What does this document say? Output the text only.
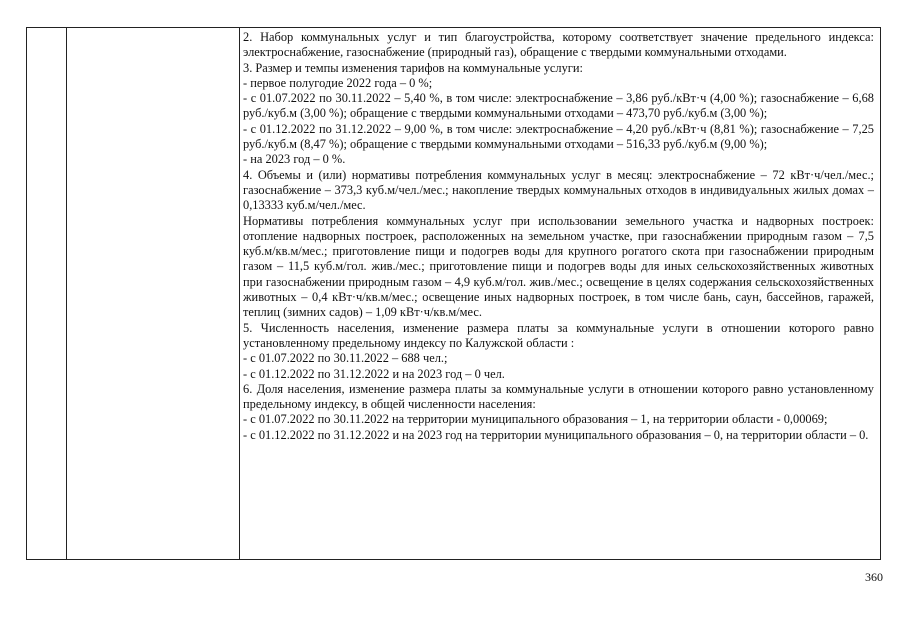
2. Набор коммунальных услуг и тип благоустройства, которому соответствует значение предельного индекса: электроснабжение, газоснабжение (природный газ), обращение с твердыми коммунальными отходами.

3. Размер и темпы изменения тарифов на коммунальные услуги:

- первое полугодие 2022 года – 0 %;

- с 01.07.2022 по 30.11.2022 – 5,40 %, в том числе: электроснабжение – 3,86 руб./кВт·ч (4,00 %); газоснабжение – 6,68 руб./куб.м (3,00 %); обращение с твердыми коммунальными отходами – 473,70 руб./куб.м (3,00 %);

- с 01.12.2022 по 31.12.2022 – 9,00 %, в том числе: электроснабжение – 4,20 руб./кВт·ч (8,81 %); газоснабжение – 7,25 руб./куб.м (8,47 %); обращение с твердыми коммунальными отходами – 516,33 руб./куб.м (9,00 %);

- на 2023 год – 0 %.

4. Объемы и (или) нормативы потребления коммунальных услуг в месяц: электроснабжение – 72 кВт·ч/чел./мес.; газоснабжение – 373,3 куб.м/чел./мес.; накопление твердых коммунальных отходов в индивидуальных жилых домах – 0,13333 куб.м/чел./мес.

Нормативы потребления коммунальных услуг при использовании земельного участка и надворных построек: отопление надворных построек, расположенных на земельном участке, при газоснабжении природным газом – 7,5 куб.м/кв.м/мес.; приготовление пищи и подогрев воды для крупного рогатого скота при газоснабжении природным газом – 11,5 куб.м/гол. жив./мес.; приготовление пищи и подогрев воды для иных сельскохозяйственных животных при газоснабжении природным газом – 4,9 куб.м/гол. жив./мес.; освещение в целях содержания сельскохозяйственных животных – 0,4 кВт·ч/кв.м/мес.; освещение иных надворных построек, в том числе бань, саун, бассейнов, гаражей, теплиц (зимних садов) – 1,09 кВт·ч/кв.м/мес.

5. Численность населения, изменение размера платы за коммунальные услуги в отношении которого равно установленному предельному индексу по Калужской области :

- с 01.07.2022 по 30.11.2022 – 688 чел.;

- с 01.12.2022 по 31.12.2022 и на 2023 год – 0 чел.

6. Доля населения, изменение размера платы за коммунальные услуги в отношении которого равно установленному предельному индексу, в общей численности населения:

- с 01.07.2022 по 30.11.2022 на территории муниципального образования – 1, на территории области - 0,00069;

- с 01.12.2022 по 31.12.2022 и на 2023 год на территории муниципального образования – 0, на территории области – 0.

360
